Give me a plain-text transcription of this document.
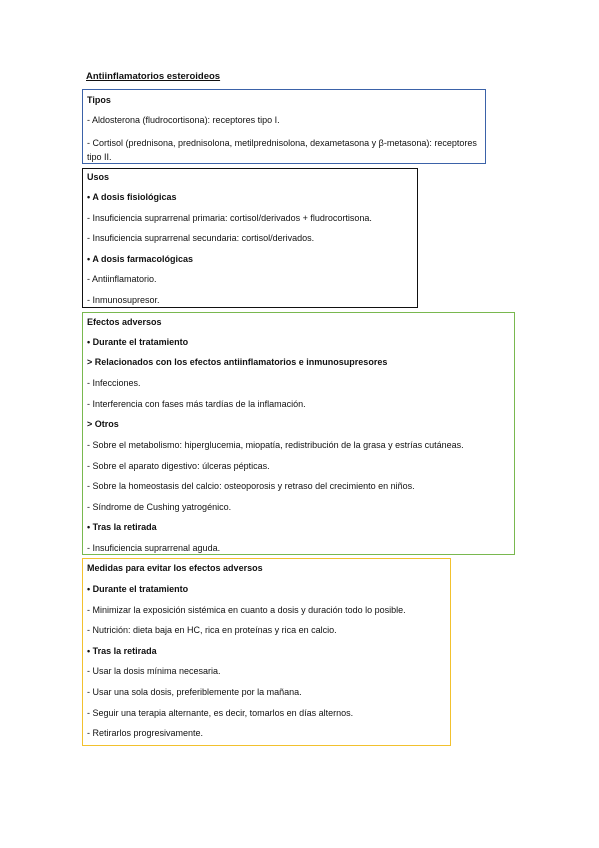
Antiinflamatorios esteroideos
Tipos
- Aldosterona (fludrocortisona): receptores tipo I.
- Cortisol (prednisona, prednisolona, metilprednisolona, dexametasona y β-metasona): receptores tipo II.
Usos
• A dosis fisiológicas
- Insuficiencia suprarrenal primaria: cortisol/derivados + fludrocortisona.
- Insuficiencia suprarrenal secundaria: cortisol/derivados.
• A dosis farmacológicas
- Antiinflamatorio.
- Inmunosupresor.
Efectos adversos
• Durante el tratamiento
> Relacionados con los efectos antiinflamatorios e inmunosupresores
- Infecciones.
- Interferencia con fases más tardías de la inflamación.
> Otros
- Sobre el metabolismo: hiperglucemia, miopatía, redistribución de la grasa y estrías cutáneas.
- Sobre el aparato digestivo: úlceras pépticas.
- Sobre la homeostasis del calcio: osteoporosis y retraso del crecimiento en niños.
- Síndrome de Cushing yatrogénico.
• Tras la retirada
- Insuficiencia suprarrenal aguda.
Medidas para evitar los efectos adversos
• Durante el tratamiento
- Minimizar la exposición sistémica en cuanto a dosis y duración todo lo posible.
- Nutrición: dieta baja en HC, rica en proteínas y rica en calcio.
• Tras la retirada
- Usar la dosis mínima necesaria.
- Usar una sola dosis, preferiblemente por la mañana.
- Seguir una terapia alternante, es decir, tomarlos en días alternos.
- Retirarlos progresivamente.
